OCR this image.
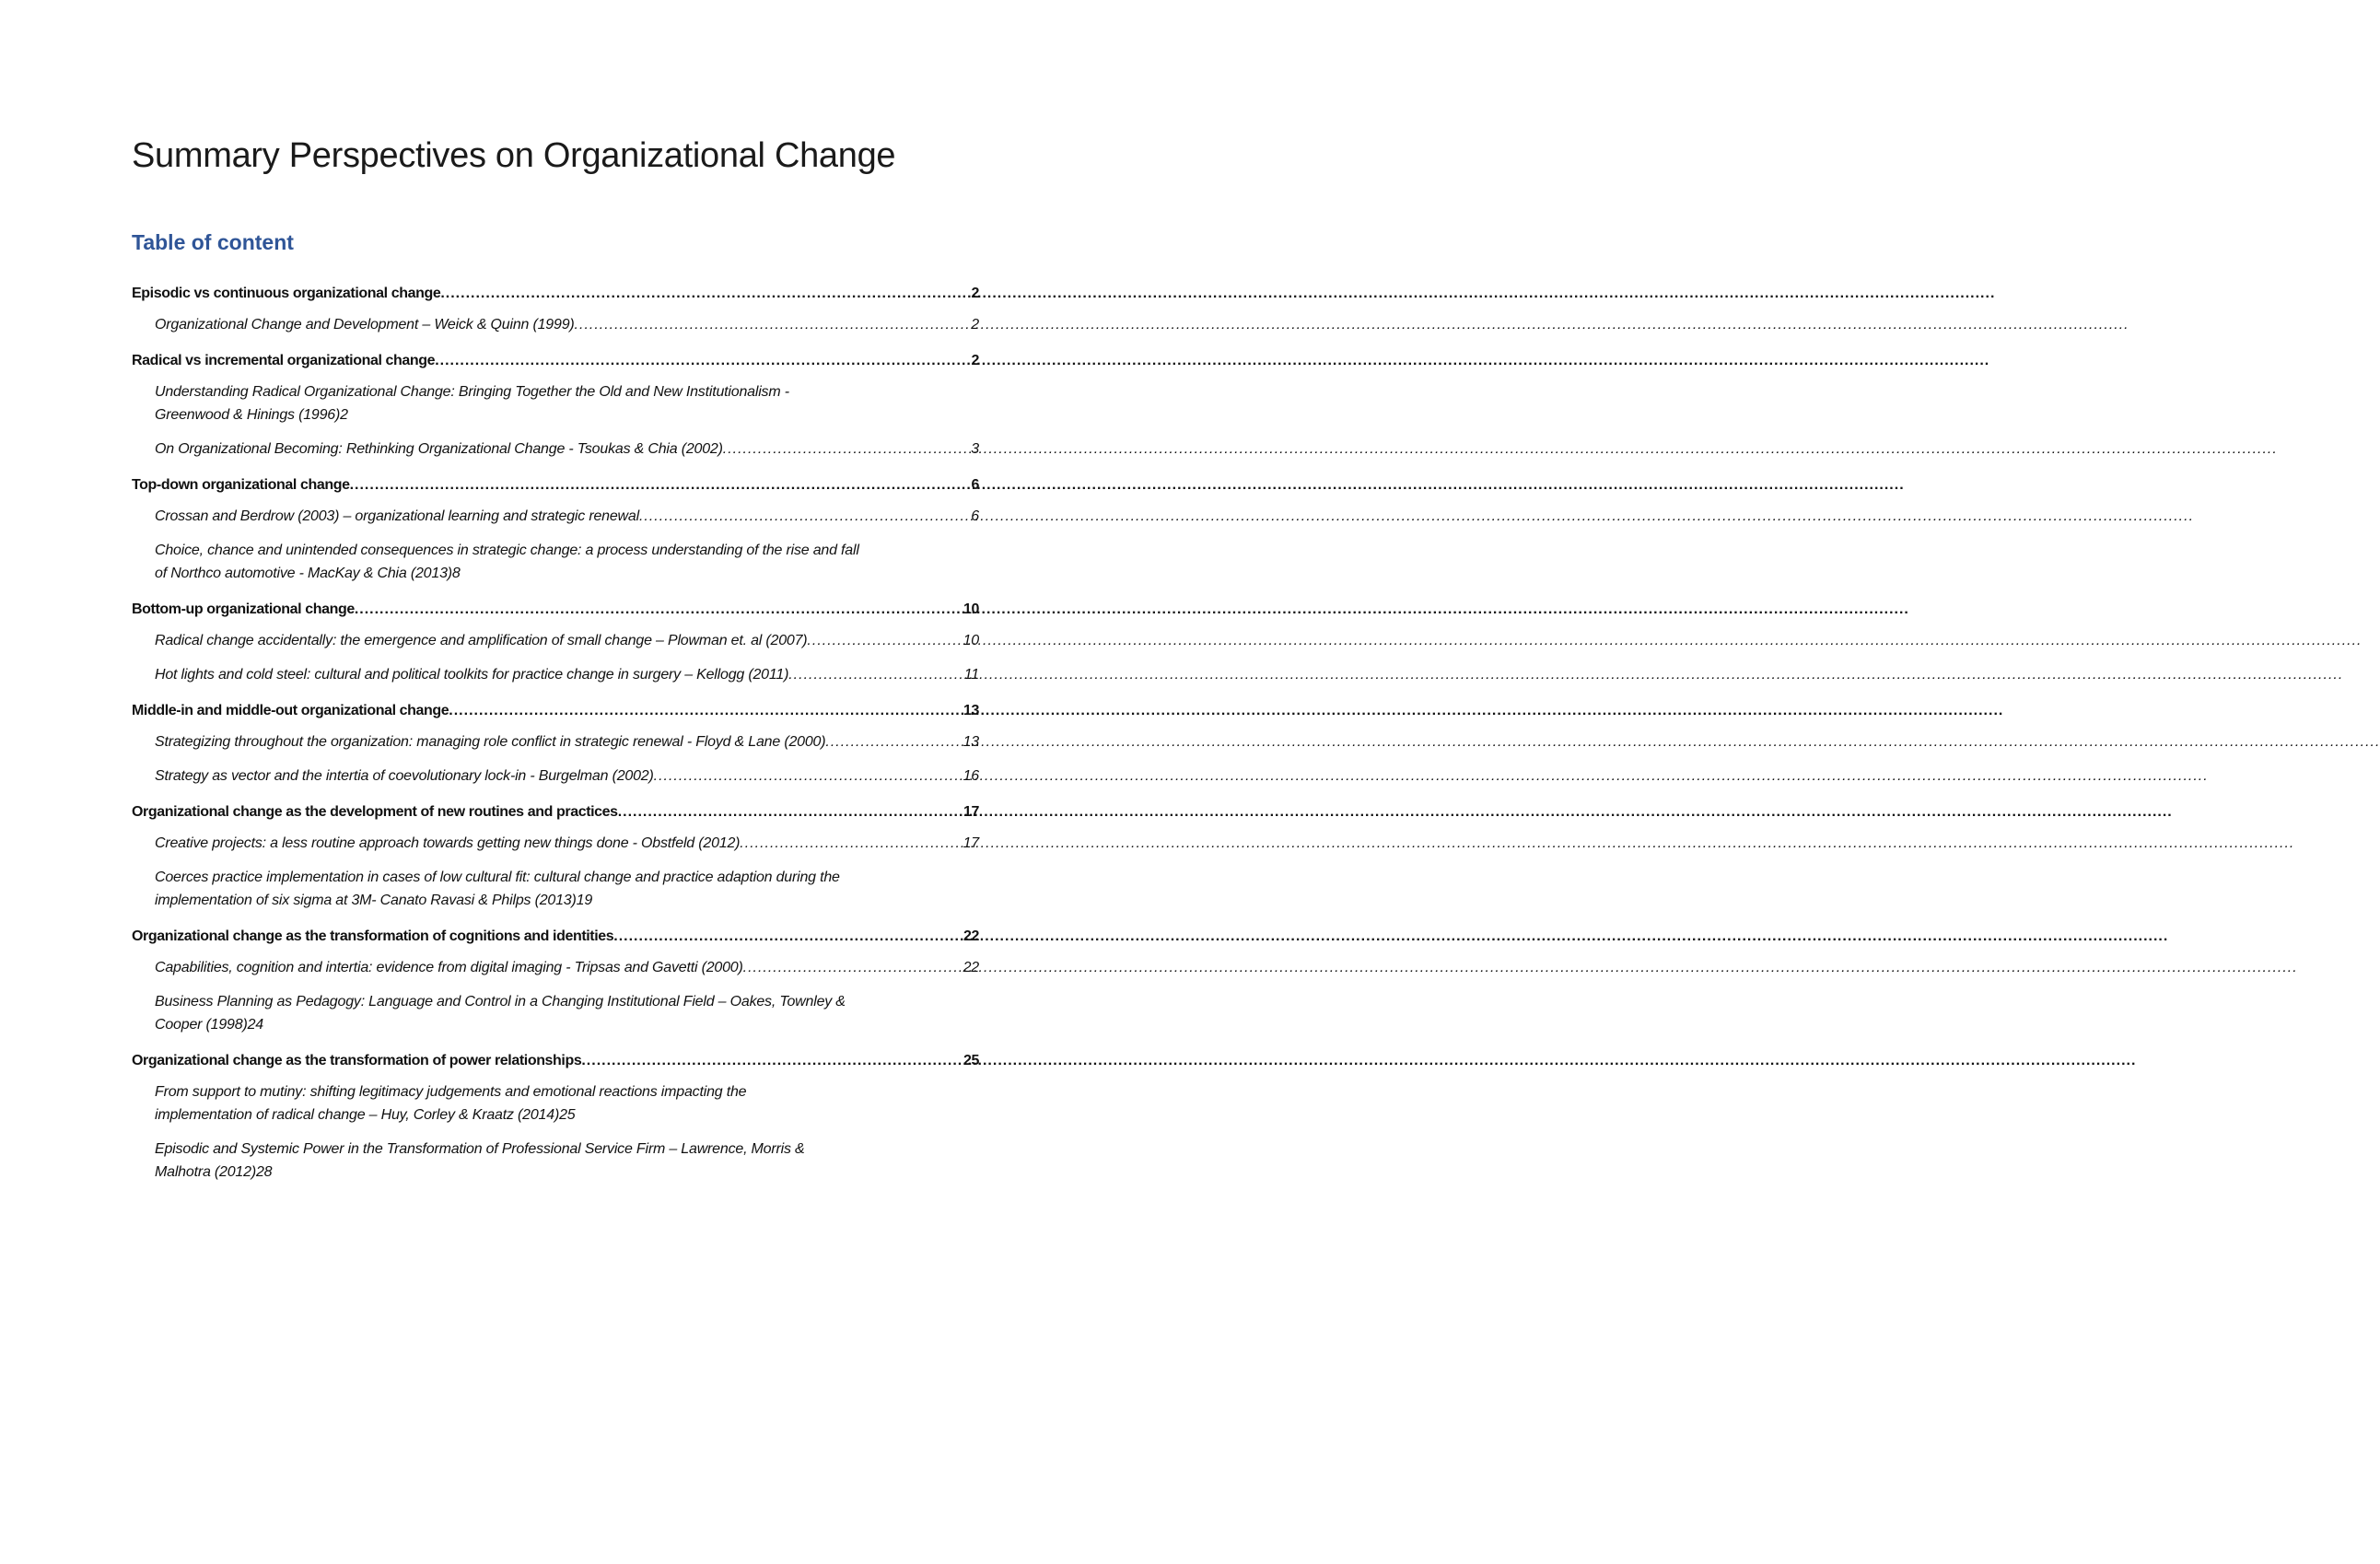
Summary Perspectives on Organizational Change
Table of content
Episodic vs continuous organizational change .....	2
Organizational Change and Development – Weick & Quinn (1999) .....	2
Radical vs incremental organizational change .....	2
Understanding Radical Organizational Change: Bringing Together the Old and New Institutionalism -
Greenwood & Hinings (1996) 2
On Organizational Becoming: Rethinking Organizational Change - Tsoukas & Chia (2002) .....	3
Top-down organizational change .....	6
Crossan and Berdrow (2003) – organizational learning and strategic renewal .....	6
Choice, chance and unintended consequences in strategic change: a process understanding of the rise and fall
of Northco automotive - MacKay & Chia (2013) 8
Bottom-up organizational change .....	10
Radical change accidentally: the emergence and amplification of small change – Plowman et. al (2007) .....	10
Hot lights and cold steel: cultural and political toolkits for practice change in surgery – Kellogg (2011) .....	11
Middle-in and middle-out organizational change .....	13
Strategizing throughout the organization: managing role conflict in strategic renewal - Floyd & Lane (2000) .....	13
Strategy as vector and the intertia of coevolutionary lock-in - Burgelman (2002) .....	16
Organizational change as the development of new routines and practices .....	17
Creative projects: a less routine approach towards getting new things done - Obstfeld (2012) .....	17
Coerces practice implementation in cases of low cultural fit: cultural change and practice adaption during the
implementation of six sigma at 3M- Canato Ravasi & Philps (2013) 19
Organizational change as the transformation of cognitions and identities .....	22
Capabilities, cognition and intertia: evidence from digital imaging - Tripsas and Gavetti (2000) .....	22
Business Planning as Pedagogy: Language and Control in a Changing Institutional Field – Oakes, Townley &
Cooper (1998) 24
Organizational change as the transformation of power relationships .....	25
From support to mutiny: shifting legitimacy judgements and emotional reactions impacting the
implementation of radical change – Huy, Corley & Kraatz (2014) 25
Episodic and Systemic Power in the Transformation of Professional Service Firm – Lawrence, Morris &
Malhotra (2012) 28
